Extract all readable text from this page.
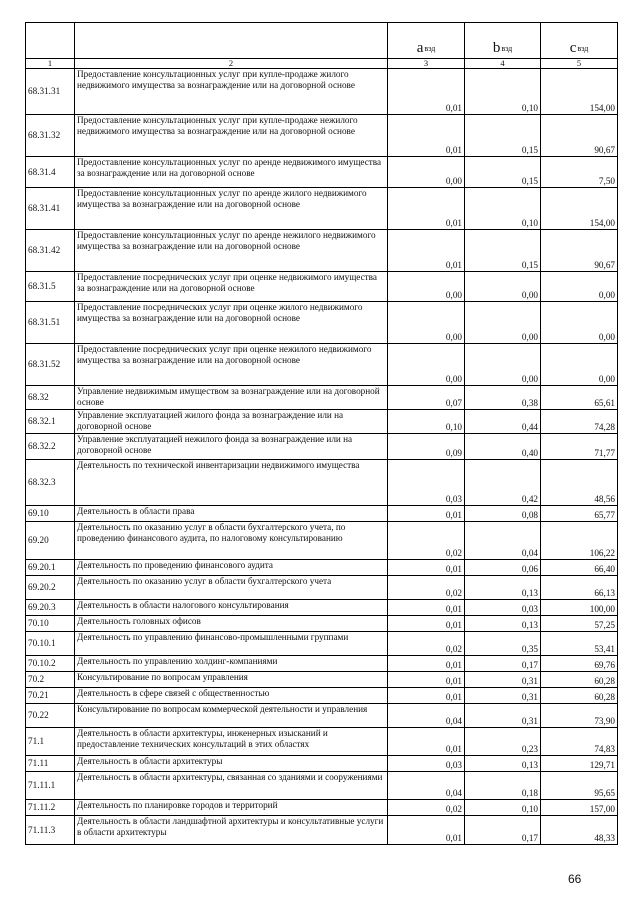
		$a_{вэд}$	$b_{вэд}$	$c_{вэд}$
1	2	3	4	5
68.31.31	Предоставление консультационных услуг при купле-продаже жилого недвижимого имущества за вознаграждение или на договорной основе	0,01	0,10	154,00
68.31.32	Предоставление консультационных услуг при купле-продаже нежилого недвижимого имущества за вознаграждение или на договорной основе	0,01	0,15	90,67
68.31.4	Предоставление консультационных услуг по аренде недвижимого имущества за вознаграждение или на договорной основе	0,00	0,15	7,50
68.31.41	Предоставление консультационных услуг по аренде жилого недвижимого имущества за вознаграждение или на договорной основе	0,01	0,10	154,00
68.31.42	Предоставление консультационных услуг по аренде нежилого недвижимого имущества за вознаграждение или на договорной основе	0,01	0,15	90,67
68.31.5	Предоставление посреднических услуг при оценке недвижимого имущества за вознаграждение или на договорной основе	0,00	0,00	0,00
68.31.51	Предоставление посреднических услуг при оценке жилого недвижимого имущества за вознаграждение или на договорной основе	0,00	0,00	0,00
68.31.52	Предоставление посреднических услуг при оценке нежилого недвижимого имущества за вознаграждение или на договорной основе	0,00	0,00	0,00
68.32	Управление недвижимым имуществом за вознаграждение или на договорной основе	0,07	0,38	65,61
68.32.1	Управление эксплуатацией жилого фонда за вознаграждение или на договорной основе	0,10	0,44	74,28
68.32.2	Управление эксплуатацией нежилого фонда за вознаграждение или на договорной основе	0,09	0,40	71,77
68.32.3	Деятельность по технической инвентаризации недвижимого имущества	0,03	0,42	48,56
69.10	Деятельность в области права	0,01	0,08	65,77
69.20	Деятельность по оказанию услуг в области бухгалтерского учета, по проведению финансового аудита, по налоговому консультированию	0,02	0,04	106,22
69.20.1	Деятельность по проведению финансового аудита	0,01	0,06	66,40
69.20.2	Деятельность по оказанию услуг в области бухгалтерского учета	0,02	0,13	66,13
69.20.3	Деятельность в области налогового консультирования	0,01	0,03	100,00
70.10	Деятельность головных офисов	0,01	0,13	57,25
70.10.1	Деятельность по управлению финансово-промышленными группами	0,02	0,35	53,41
70.10.2	Деятельность по управлению холдинг-компаниями	0,01	0,17	69,76
70.2	Консультирование по вопросам управления	0,01	0,31	60,28
70.21	Деятельность в сфере связей с общественностью	0,01	0,31	60,28
70.22	Консультирование по вопросам коммерческой деятельности и управления	0,04	0,31	73,90
71.1	Деятельность в области архитектуры, инженерных изысканий и предоставление технических консультаций в этих областях	0,01	0,23	74,83
71.11	Деятельность в области архитектуры	0,03	0,13	129,71
71.11.1	Деятельность в области архитектуры, связанная со зданиями и сооружениями	0,04	0,18	95,65
71.11.2	Деятельность по планировке городов и территорий	0,02	0,10	157,00
71.11.3	Деятельность в области ландшафтной архитектуры и консультативные услуги в области архитектуры	0,01	0,17	48,33
66
